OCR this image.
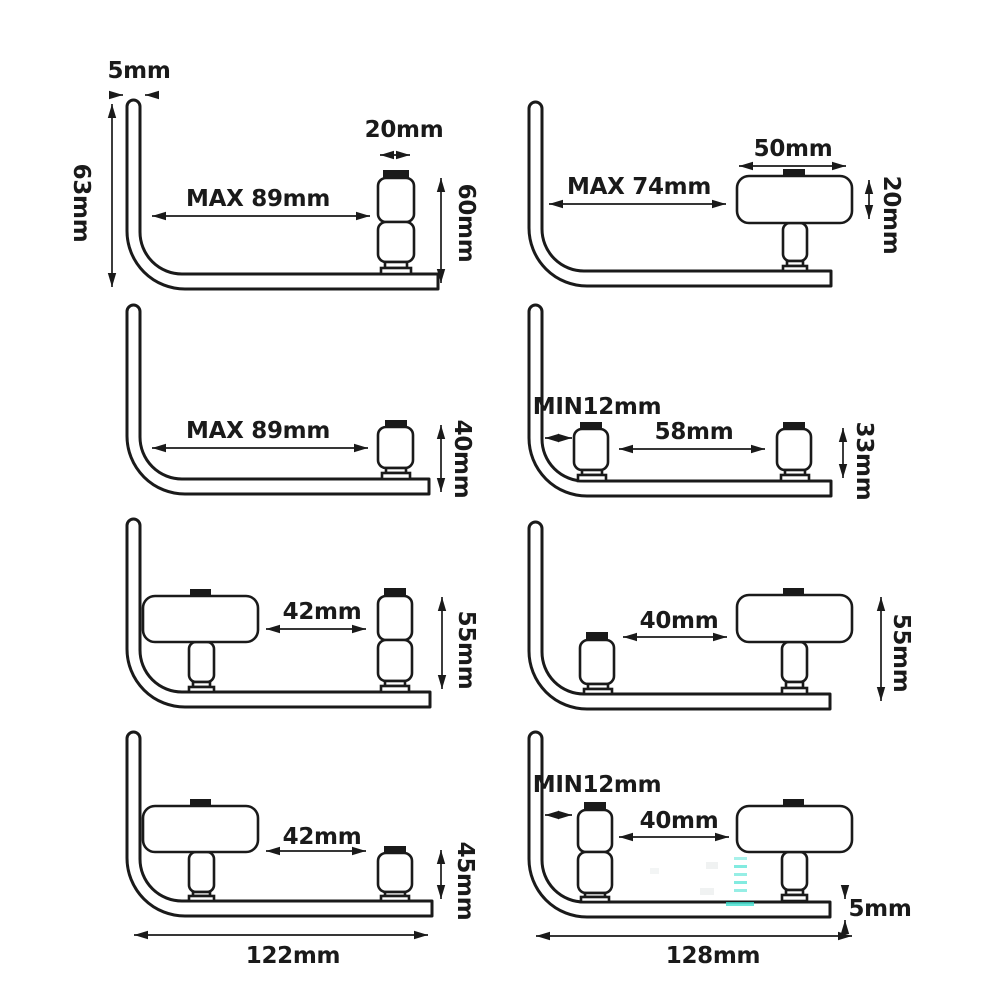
5mm
63mm	MAX 89mm
20mm
60mm	MAX 74mm
50mm
20mm
MAX 89mm	40mm
MIN12mm
58mm	33mm
42mm	55mm	40mm	55mm
42mm
45mm
122mm
MIN12mm
40mm
5mm
128mm
